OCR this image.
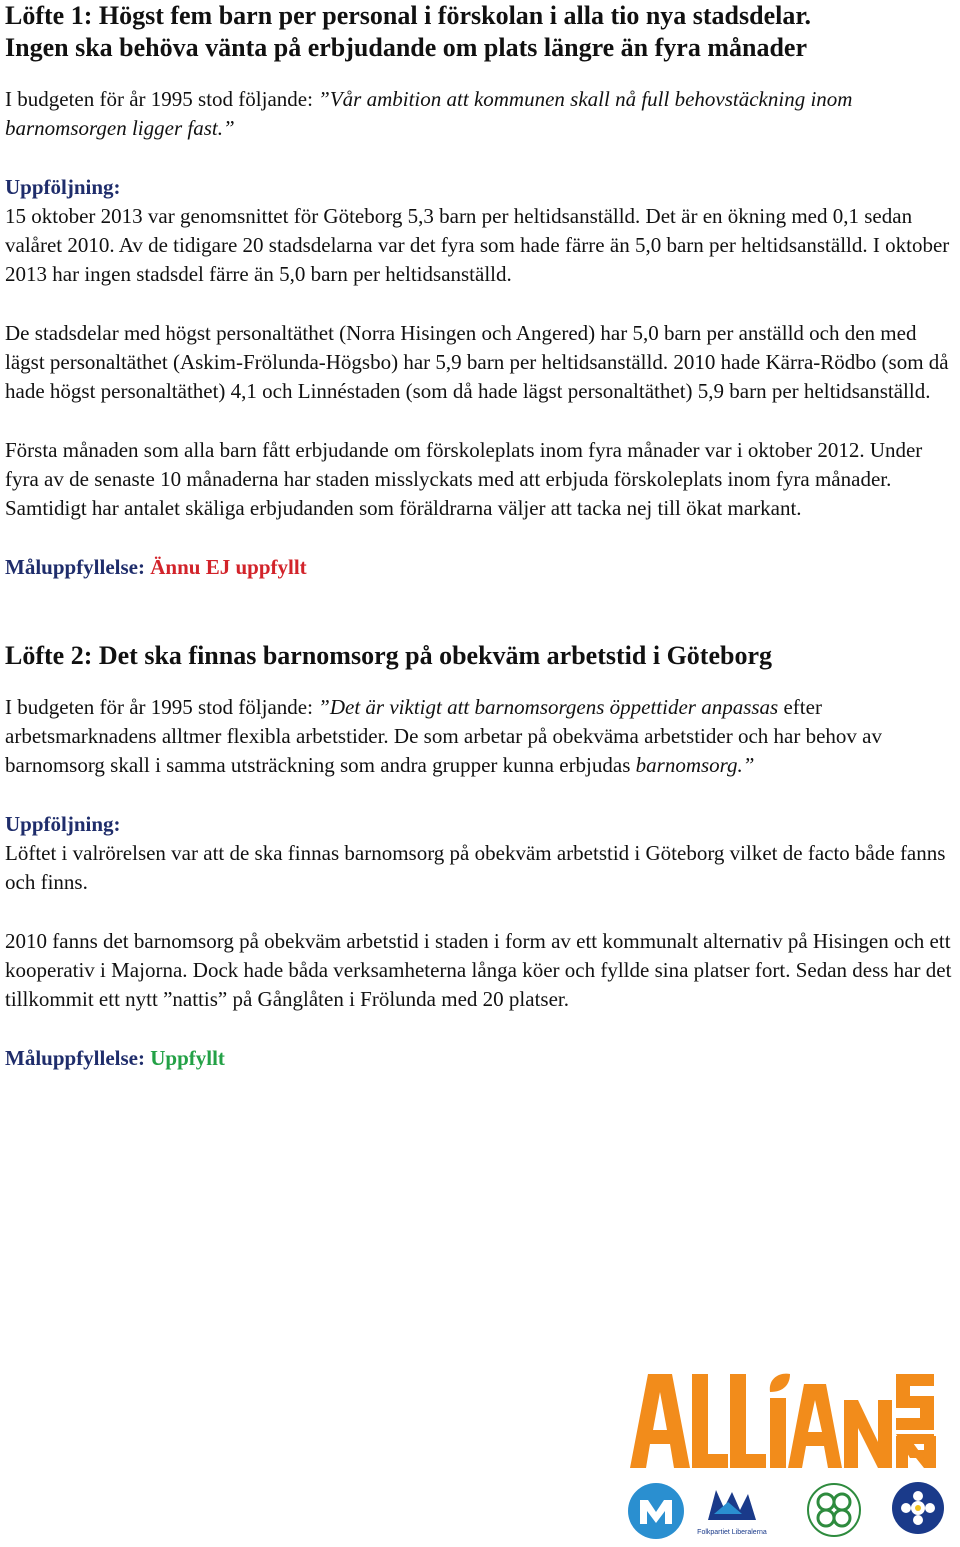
Löfte 1: Högst fem barn per personal i förskolan i alla tio nya stadsdelar.
Ingen ska behöva vänta på erbjudande om plats längre än fyra månader

I budgeten för år 1995 stod följande: ”Vår ambition att kommunen skall nå full behovstäckning inom barnomsorgen ligger fast.”

Uppföljning:
15 oktober 2013 var genomsnittet för Göteborg 5,3 barn per heltidsanställd. Det är en ökning med 0,1 sedan valåret 2010. Av de tidigare 20 stadsdelarna var det fyra som hade färre än 5,0 barn per heltidsanställd. I oktober 2013 har ingen stadsdel färre än 5,0 barn per heltidsanställd.

De stadsdelar med högst personaltäthet (Norra Hisingen och Angered) har 5,0 barn per anställd och den med lägst personaltäthet (Askim-Frölunda-Högsbo) har 5,9 barn per heltidsanställd. 2010 hade Kärra-Rödbo (som då hade högst personaltäthet) 4,1 och Linnéstaden (som då hade lägst personaltäthet) 5,9 barn per heltidsanställd.

Första månaden som alla barn fått erbjudande om förskoleplats inom fyra månader var i oktober 2012. Under fyra av de senaste 10 månaderna har staden misslyckats med att erbjuda förskoleplats inom fyra månader. Samtidigt har antalet skäliga erbjudanden som föräldrarna väljer att tacka nej till ökat markant.

Måluppfyllelse: Ännu EJ uppfyllt

Löfte 2: Det ska finnas barnomsorg på obekväm arbetstid i Göteborg

I budgeten för år 1995 stod följande: ”Det är viktigt att barnomsorgens öppettider anpassas efter arbetsmarknadens alltmer flexibla arbetstider. De som arbetar på obekväma arbetstider och har behov av barnomsorg skall i samma utsträckning som andra grupper kunna erbjudas barnomsorg.”

Uppföljning:
Löftet i valrörelsen var att de ska finnas barnomsorg på obekväm arbetstid i Göteborg vilket de facto både fanns och finns.

2010 fanns det barnomsorg på obekväm arbetstid i staden i form av ett kommunalt alternativ på Hisingen och ett kooperativ i Majorna. Dock hade båda verksamheterna långa köer och fyllde sina platser fort. Sedan dess har det tillkommit ett nytt ”nattis” på Gånglåten i Frölunda med 20 platser.

Måluppfyllelse: Uppfyllt

Folkpartiet Liberalerna
